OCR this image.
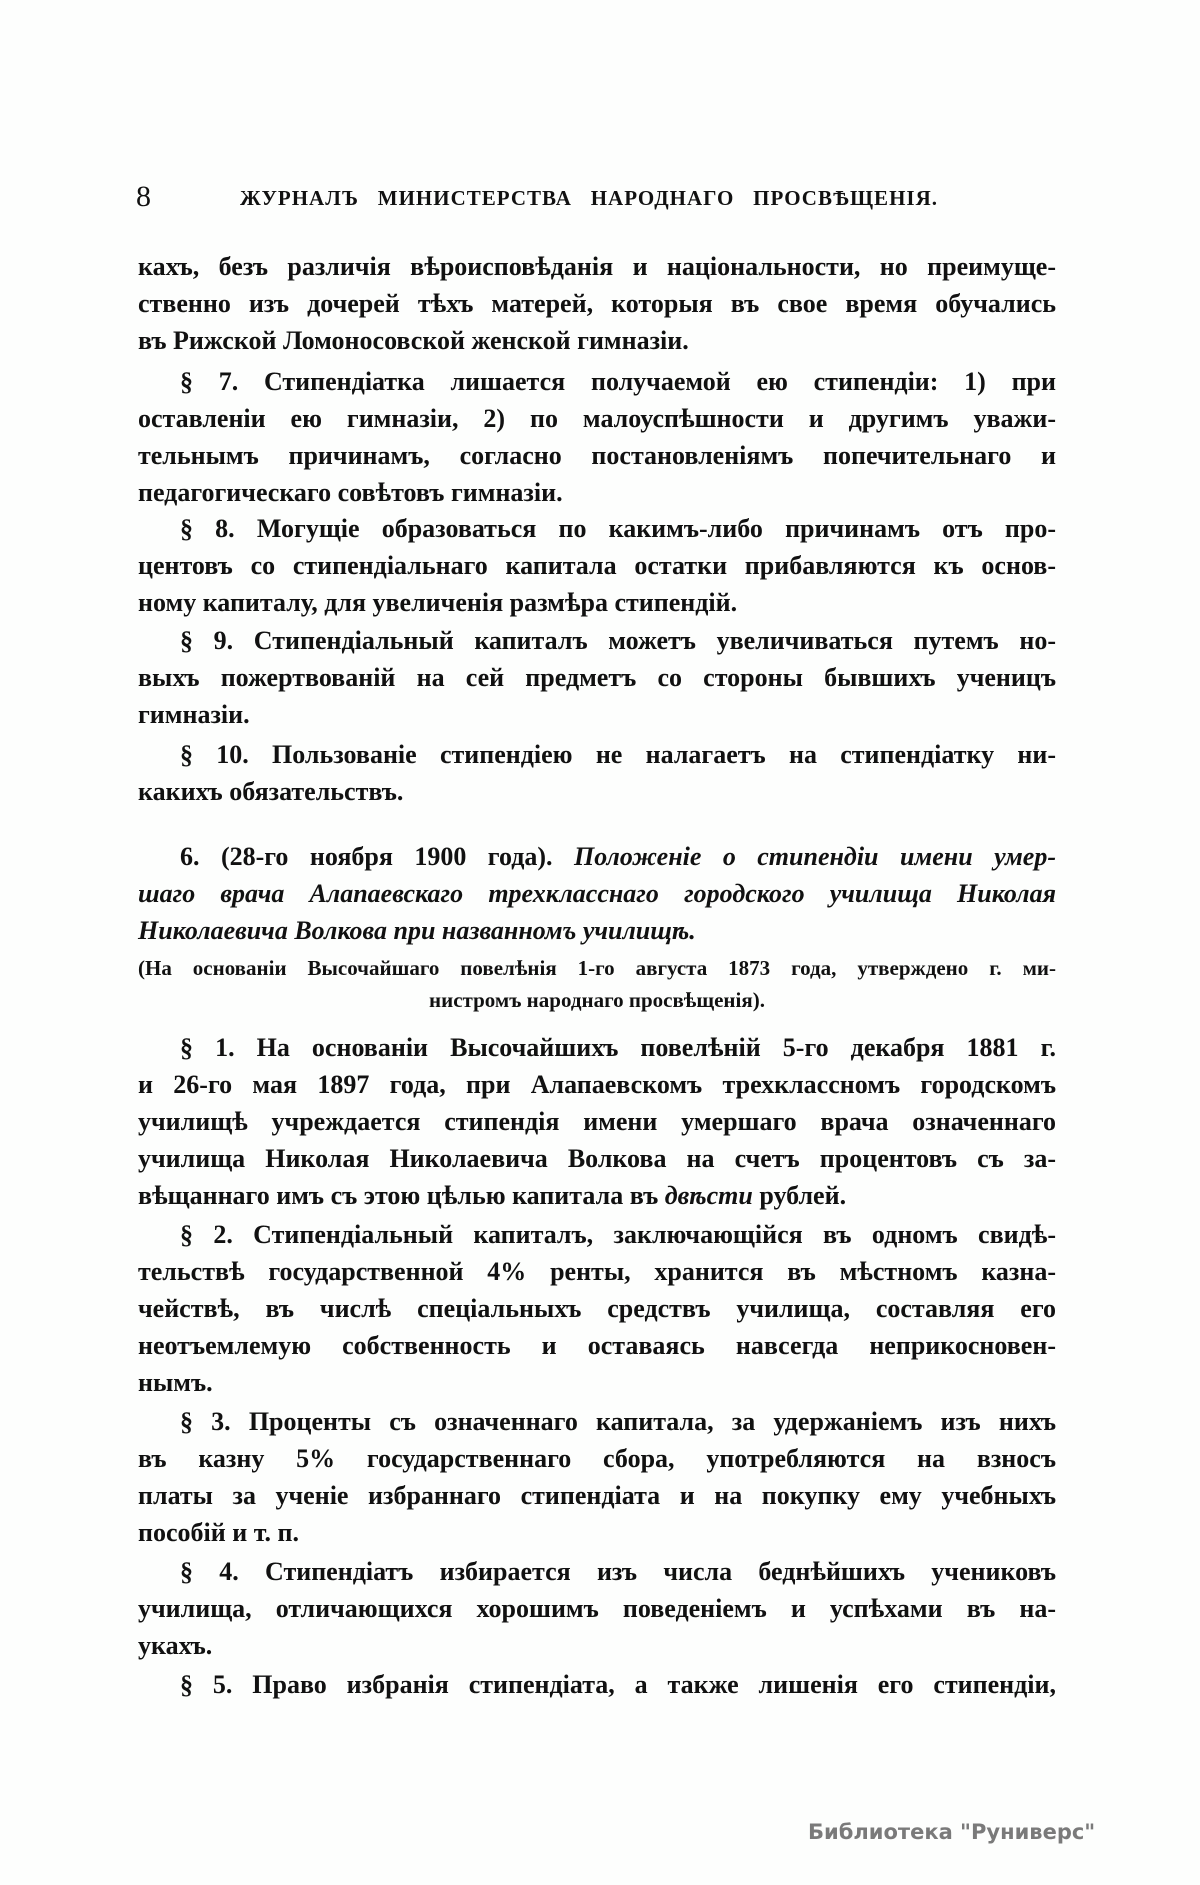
8	ЖУРНАЛЪ МИНИСТЕРСТВА НАРОДНАГО ПРОСВѢЩЕНІЯ.
кахъ, безъ различія вѣроисповѣданія и національности, но преимуще-
ственно изъ дочерей тѣхъ матерей, которыя въ свое время обучались
въ Рижской Ломоносовской женской гимназіи.
§ 7. Стипендіатка лишается получаемой ею стипендіи: 1) при
оставленіи ею гимназіи, 2) по малоуспѣшности и другимъ уважи-
тельнымъ причинамъ, согласно постановленіямъ попечительнаго и
педагогическаго совѣтовъ гимназіи.
§ 8. Могущіе образоваться по какимъ-либо причинамъ отъ про-
центовъ со стипендіальнаго капитала остатки прибавляются къ основ-
ному капиталу, для увеличенія размѣра стипендій.
§ 9. Стипендіальный капиталъ можетъ увеличиваться путемъ но-
выхъ пожертвованій на сей предметъ со стороны бывшихъ ученицъ
гимназіи.
§ 10. Пользованіе стипендіею не налагаетъ на стипендіатку ни-
какихъ обязательствъ.
6. (28-го ноября 1900 года). Положеніе о стипендіи имени умер-
шаго врача Алапаевскаго трехкласснаго городского училища Николая
Николаевича Волкова при названномъ училищѣ.
(На основаніи Высочайшаго повелѣнія 1-го августа 1873 года, утверждено г. ми-
нистромъ народнаго просвѣщенія).
§ 1. На основаніи Высочайшихъ повелѣній 5-го декабря 1881 г.
и 26-го мая 1897 года, при Алапаевскомъ трехклассномъ городскомъ
училищѣ учреждается стипендія имени умершаго врача означеннаго
училища Николая Николаевича Волкова на счетъ процентовъ съ за-
вѣщаннаго имъ съ этою цѣлью капитала въ двѣсти рублей.
§ 2. Стипендіальный капиталъ, заключающійся въ одномъ свидѣ-
тельствѣ государственной 4% ренты, хранится въ мѣстномъ казна-
чействѣ, въ числѣ спеціальныхъ средствъ училища, составляя его
неотъемлемую собственность и оставаясь навсегда неприкосновен-
нымъ.
§ 3. Проценты съ означеннаго капитала, за удержаніемъ изъ нихъ
въ казну 5% государственнаго сбора, употребляются на взносъ
платы за ученіе избраннаго стипендіата и на покупку ему учебныхъ
пособій и т. п.
§ 4. Стипендіатъ избирается изъ числа беднѣйшихъ учениковъ
училища, отличающихся хорошимъ поведеніемъ и успѣхами въ на-
укахъ.
§ 5. Право избранія стипендіата, а также лишенія его стипендіи,
Библиотека "Руниверс"
